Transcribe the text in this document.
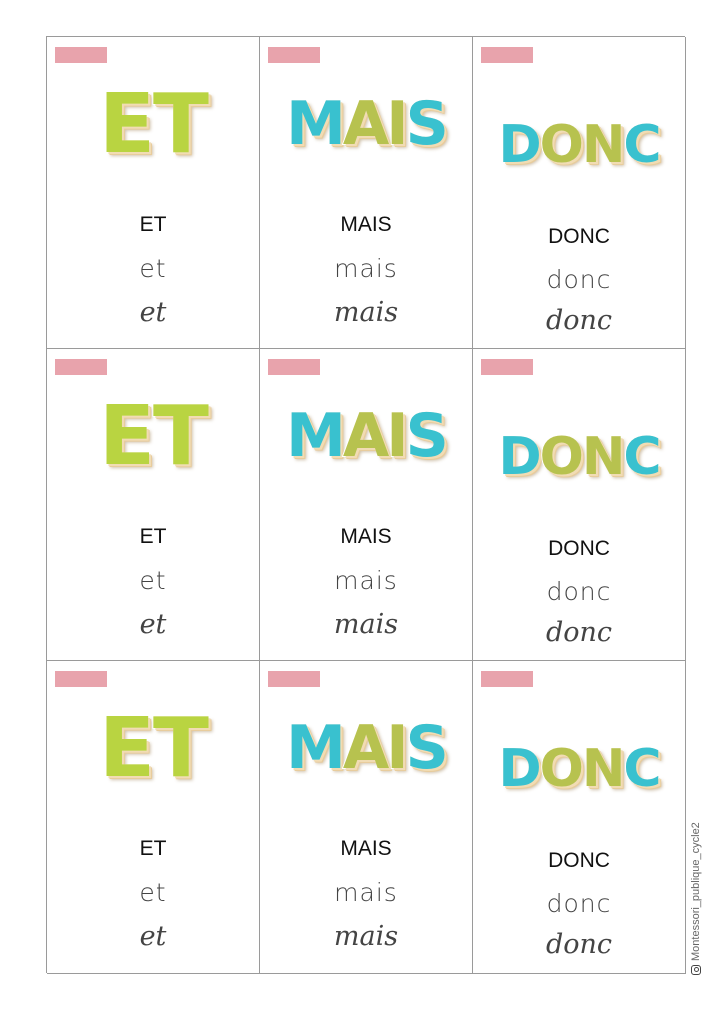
ET
ET
et
et
MAIS
MAIS
mais
mais
DONC
DONC
donc
donc
ET
ET
et
et
MAIS
MAIS
mais
mais
DONC
DONC
donc
donc
ET
ET
et
et
MAIS
MAIS
mais
mais
DONC
DONC
donc
donc	Montessori_publique_cycle2
